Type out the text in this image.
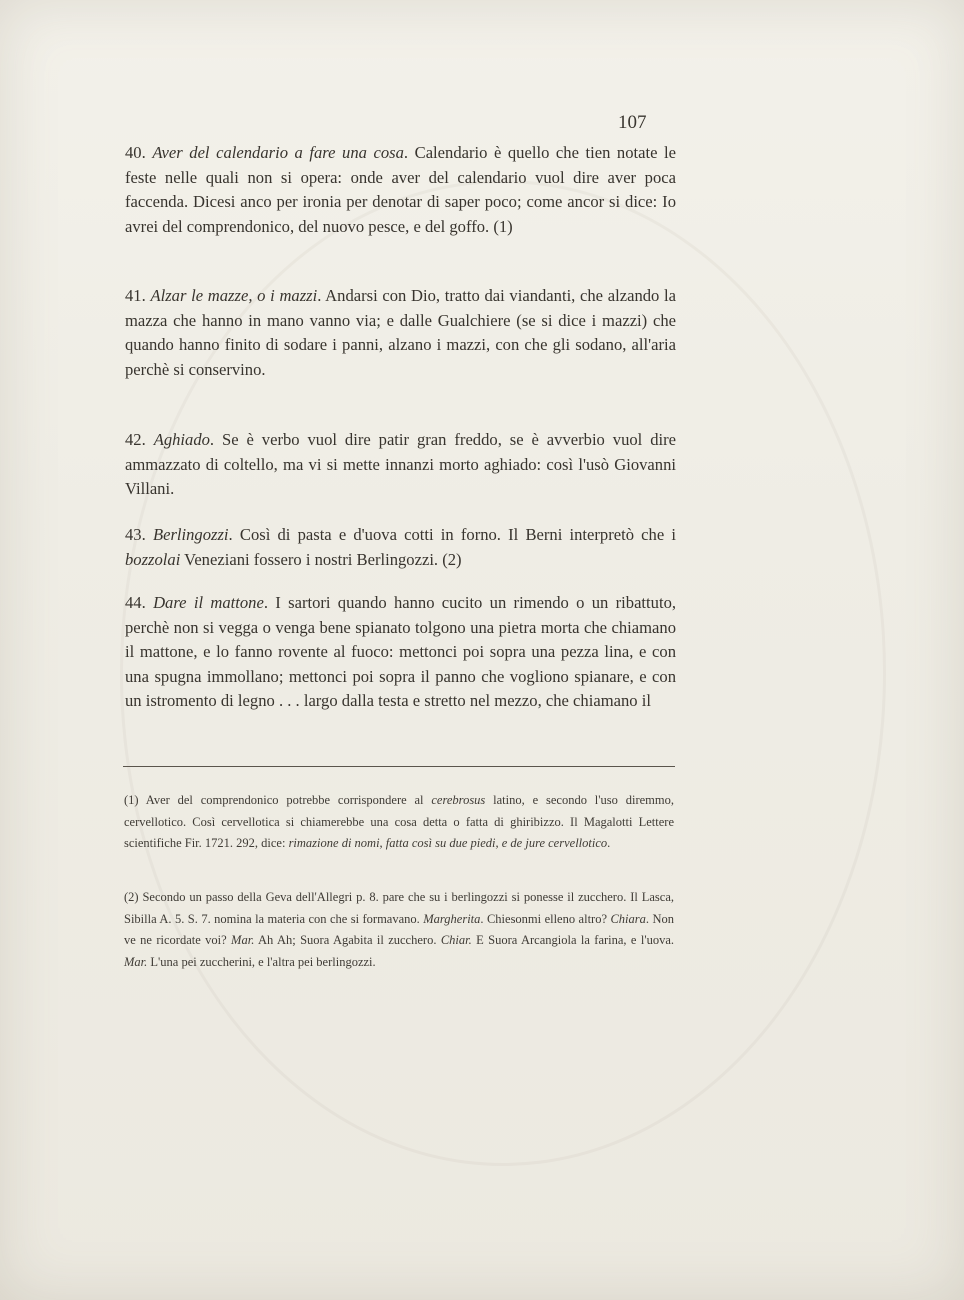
107

40. Aver del calendario a fare una cosa. Calendario è quello che tien notate le feste nelle quali non si opera: onde aver del calendario vuol dire aver poca faccenda. Dicesi anco per ironia per denotar di saper poco; come ancor si dice: Io avrei del comprendonico, del nuovo pesce, e del goffo. (1)

41. Alzar le mazze, o i mazzi. Andarsi con Dio, tratto dai viandanti, che alzando la mazza che hanno in mano vanno via; e dalle Gualchiere (se si dice i mazzi) che quando hanno finito di sodare i panni, alzano i mazzi, con che gli sodano, all'aria perchè si conservino.

42. Aghiado. Se è verbo vuol dire patir gran freddo, se è avverbio vuol dire ammazzato di coltello, ma vi si mette innanzi morto aghiado: così l'usò Giovanni Villani.

43. Berlingozzi. Così di pasta e d'uova cotti in forno. Il Berni interpretò che i bozzolai Veneziani fossero i nostri Berlingozzi. (2)

44. Dare il mattone. I sartori quando hanno cucito un rimendo o un ribattuto, perchè non si vegga o venga bene spianato tolgono una pietra morta che chiamano il mattone, e lo fanno rovente al fuoco: mettonci poi sopra una pezza lina, e con una spugna immollano; mettonci poi sopra il panno che vogliono spianare, e con un istromento di legno . . . largo dalla testa e stretto nel mezzo, che chiamano il

(1) Aver del comprendonico potrebbe corrispondere al cerebrosus latino, e secondo l'uso diremmo, cervellotico. Così cervellotica si chiamerebbe una cosa detta o fatta di ghiribizzo. Il Magalotti Lettere scientifiche Fir. 1721. 292, dice: rimazione di nomi, fatta così su due piedi, e de jure cervellotico.

(2) Secondo un passo della Geva dell'Allegri p. 8. pare che su i berlingozzi si ponesse il zucchero. Il Lasca, Sibilla A. 5. S. 7. nomina la materia con che si formavano. Margherita. Chiesonmi elleno altro? Chiara. Non ve ne ricordate voi? Mar. Ah Ah; Suora Agabita il zucchero. Chiar. E Suora Arcangiola la farina, e l'uova. Mar. L'una pei zuccherini, e l'altra pei berlingozzi.
